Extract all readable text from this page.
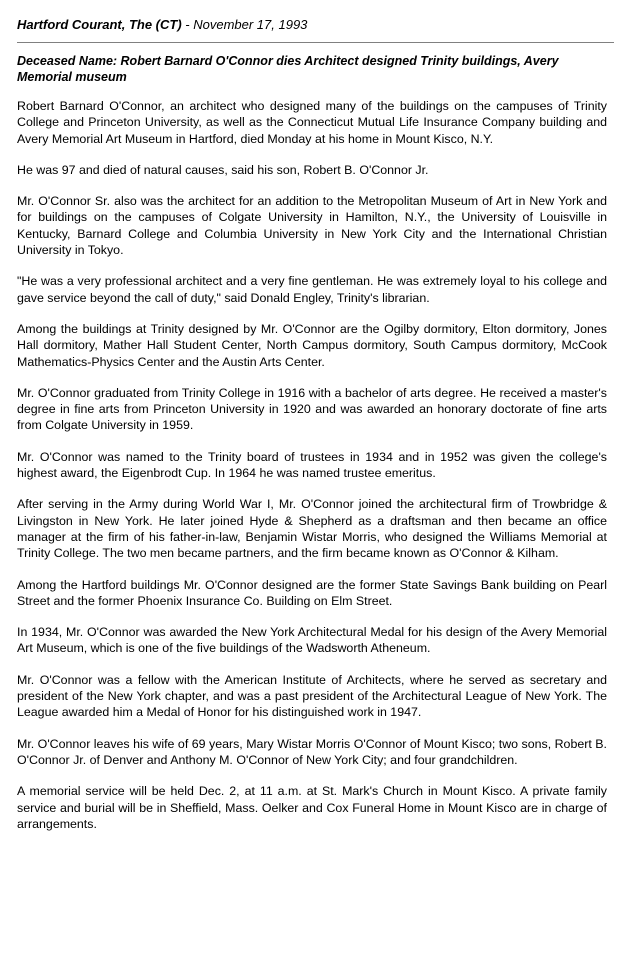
Hartford Courant, The (CT) - November 17, 1993
Deceased Name: Robert Barnard O'Connor dies Architect designed Trinity buildings, Avery Memorial museum

Robert Barnard O'Connor, an architect who designed many of the buildings on the campuses of Trinity College and Princeton University, as well as the Connecticut Mutual Life Insurance Company building and Avery Memorial Art Museum in Hartford, died Monday at his home in Mount Kisco, N.Y.

He was 97 and died of natural causes, said his son, Robert B. O'Connor Jr.

Mr. O'Connor Sr. also was the architect for an addition to the Metropolitan Museum of Art in New York and for buildings on the campuses of Colgate University in Hamilton, N.Y., the University of Louisville in Kentucky, Barnard College and Columbia University in New York City and the International Christian University in Tokyo.

"He was a very professional architect and a very fine gentleman. He was extremely loyal to his college and gave service beyond the call of duty," said Donald Engley, Trinity's librarian.

Among the buildings at Trinity designed by Mr. O'Connor are the Ogilby dormitory, Elton dormitory, Jones Hall dormitory, Mather Hall Student Center, North Campus dormitory, South Campus dormitory, McCook Mathematics-Physics Center and the Austin Arts Center.

Mr. O'Connor graduated from Trinity College in 1916 with a bachelor of arts degree. He received a master's degree in fine arts from Princeton University in 1920 and was awarded an honorary doctorate of fine arts from Colgate University in 1959.

Mr. O'Connor was named to the Trinity board of trustees in 1934 and in 1952 was given the college's highest award, the Eigenbrodt Cup. In 1964 he was named trustee emeritus.

After serving in the Army during World War I, Mr. O'Connor joined the architectural firm of Trowbridge & Livingston in New York. He later joined Hyde & Shepherd as a draftsman and then became an office manager at the firm of his father-in-law, Benjamin Wistar Morris, who designed the Williams Memorial at Trinity College. The two men became partners, and the firm became known as O'Connor & Kilham.

Among the Hartford buildings Mr. O'Connor designed are the former State Savings Bank building on Pearl Street and the former Phoenix Insurance Co. Building on Elm Street.

In 1934, Mr. O'Connor was awarded the New York Architectural Medal for his design of the Avery Memorial Art Museum, which is one of the five buildings of the Wadsworth Atheneum.

Mr. O'Connor was a fellow with the American Institute of Architects, where he served as secretary and president of the New York chapter, and was a past president of the Architectural League of New York. The League awarded him a Medal of Honor for his distinguished work in 1947.

Mr. O'Connor leaves his wife of 69 years, Mary Wistar Morris O'Connor of Mount Kisco; two sons, Robert B. O'Connor Jr. of Denver and Anthony M. O'Connor of New York City; and four grandchildren.

A memorial service will be held Dec. 2, at 11 a.m. at St. Mark's Church in Mount Kisco. A private family service and burial will be in Sheffield, Mass. Oelker and Cox Funeral Home in Mount Kisco are in charge of arrangements.
